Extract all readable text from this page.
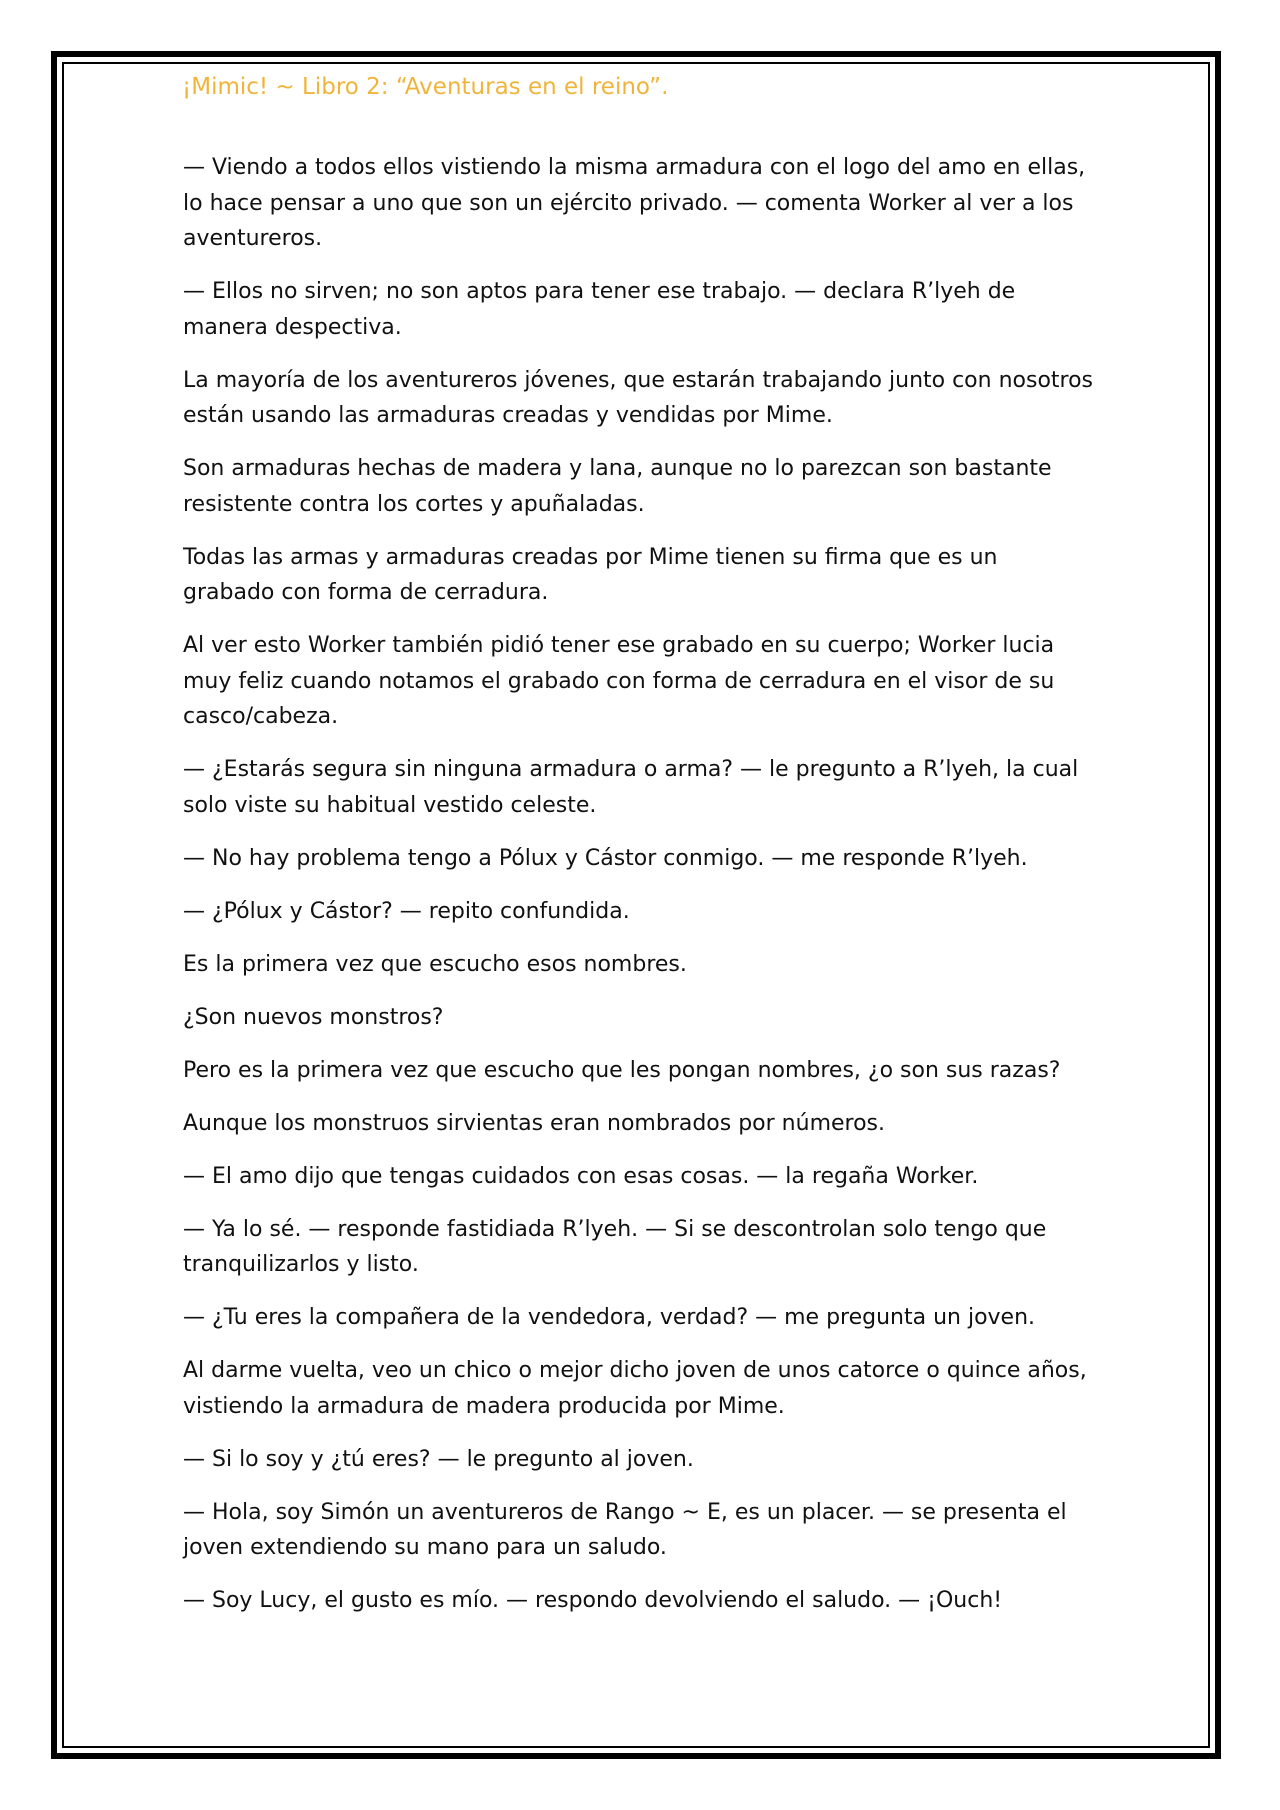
¡Mimic! ~ Libro 2: “Aventuras en el reino”.

— Viendo a todos ellos vistiendo la misma armadura con el logo del amo en ellas, lo hace pensar a uno que son un ejército privado. — comenta Worker al ver a los aventureros.

— Ellos no sirven; no son aptos para tener ese trabajo. — declara R’lyeh de manera despectiva.

La mayoría de los aventureros jóvenes, que estarán trabajando junto con nosotros están usando las armaduras creadas y vendidas por Mime.

Son armaduras hechas de madera y lana, aunque no lo parezcan son bastante resistente contra los cortes y apuñaladas.

Todas las armas y armaduras creadas por Mime tienen su firma que es un grabado con forma de cerradura.

Al ver esto Worker también pidió tener ese grabado en su cuerpo; Worker lucia muy feliz cuando notamos el grabado con forma de cerradura en el visor de su casco/cabeza.

— ¿Estarás segura sin ninguna armadura o arma? — le pregunto a R’lyeh, la cual solo viste su habitual vestido celeste.

— No hay problema tengo a Pólux y Cástor conmigo. — me responde R’lyeh.

— ¿Pólux y Cástor? — repito confundida.

Es la primera vez que escucho esos nombres.

¿Son nuevos monstros?

Pero es la primera vez que escucho que les pongan nombres, ¿o son sus razas?

Aunque los monstruos sirvientas eran nombrados por números.

— El amo dijo que tengas cuidados con esas cosas. — la regaña Worker.

— Ya lo sé. — responde fastidiada R’lyeh. — Si se descontrolan solo tengo que tranquilizarlos y listo.

— ¿Tu eres la compañera de la vendedora, verdad? — me pregunta un joven.

Al darme vuelta, veo un chico o mejor dicho joven de unos catorce o quince años, vistiendo la armadura de madera producida por Mime.

— Si lo soy y ¿tú eres? — le pregunto al joven.

— Hola, soy Simón un aventureros de Rango ~ E, es un placer. — se presenta el joven extendiendo su mano para un saludo.

— Soy Lucy, el gusto es mío. — respondo devolviendo el saludo. — ¡Ouch!
